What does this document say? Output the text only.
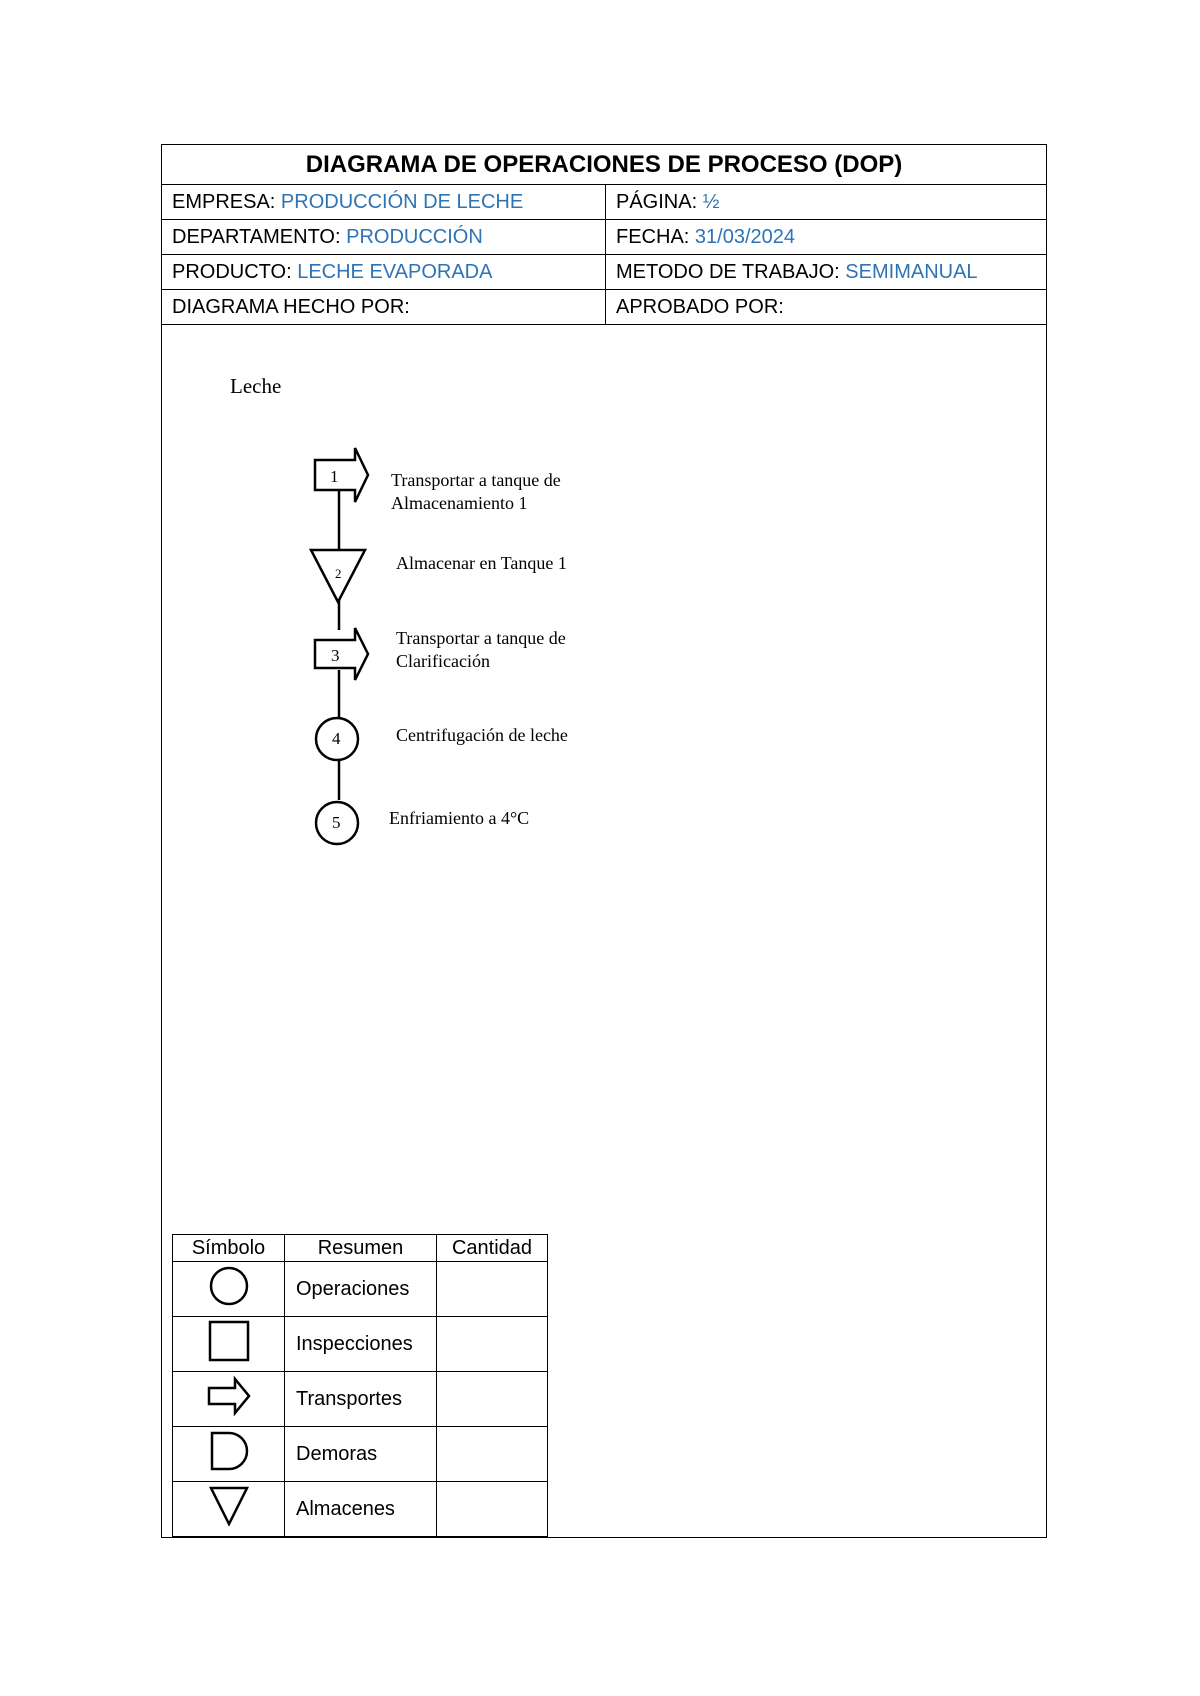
DIAGRAMA DE OPERACIONES DE PROCESO (DOP)
EMPRESA: PRODUCCIÓN DE LECHE	PÁGINA: ½
DEPARTAMENTO: PRODUCCIÓN	FECHA: 31/03/2024
PRODUCTO: LECHE EVAPORADA	METODO DE TRABAJO: SEMIMANUAL
DIAGRAMA HECHO POR:	APROBADO POR:
Leche
1
2
3
4
5
Transportar a tanque de
Almacenamiento 1
Almacenar en Tanque 1
Transportar a tanque de
Clarificación
Centrifugación de leche
Enfriamiento a 4°C
Símbolo	Resumen	Cantidad
	Operaciones	
	Inspecciones	
	Transportes	
	Demoras	
	Almacenes	
